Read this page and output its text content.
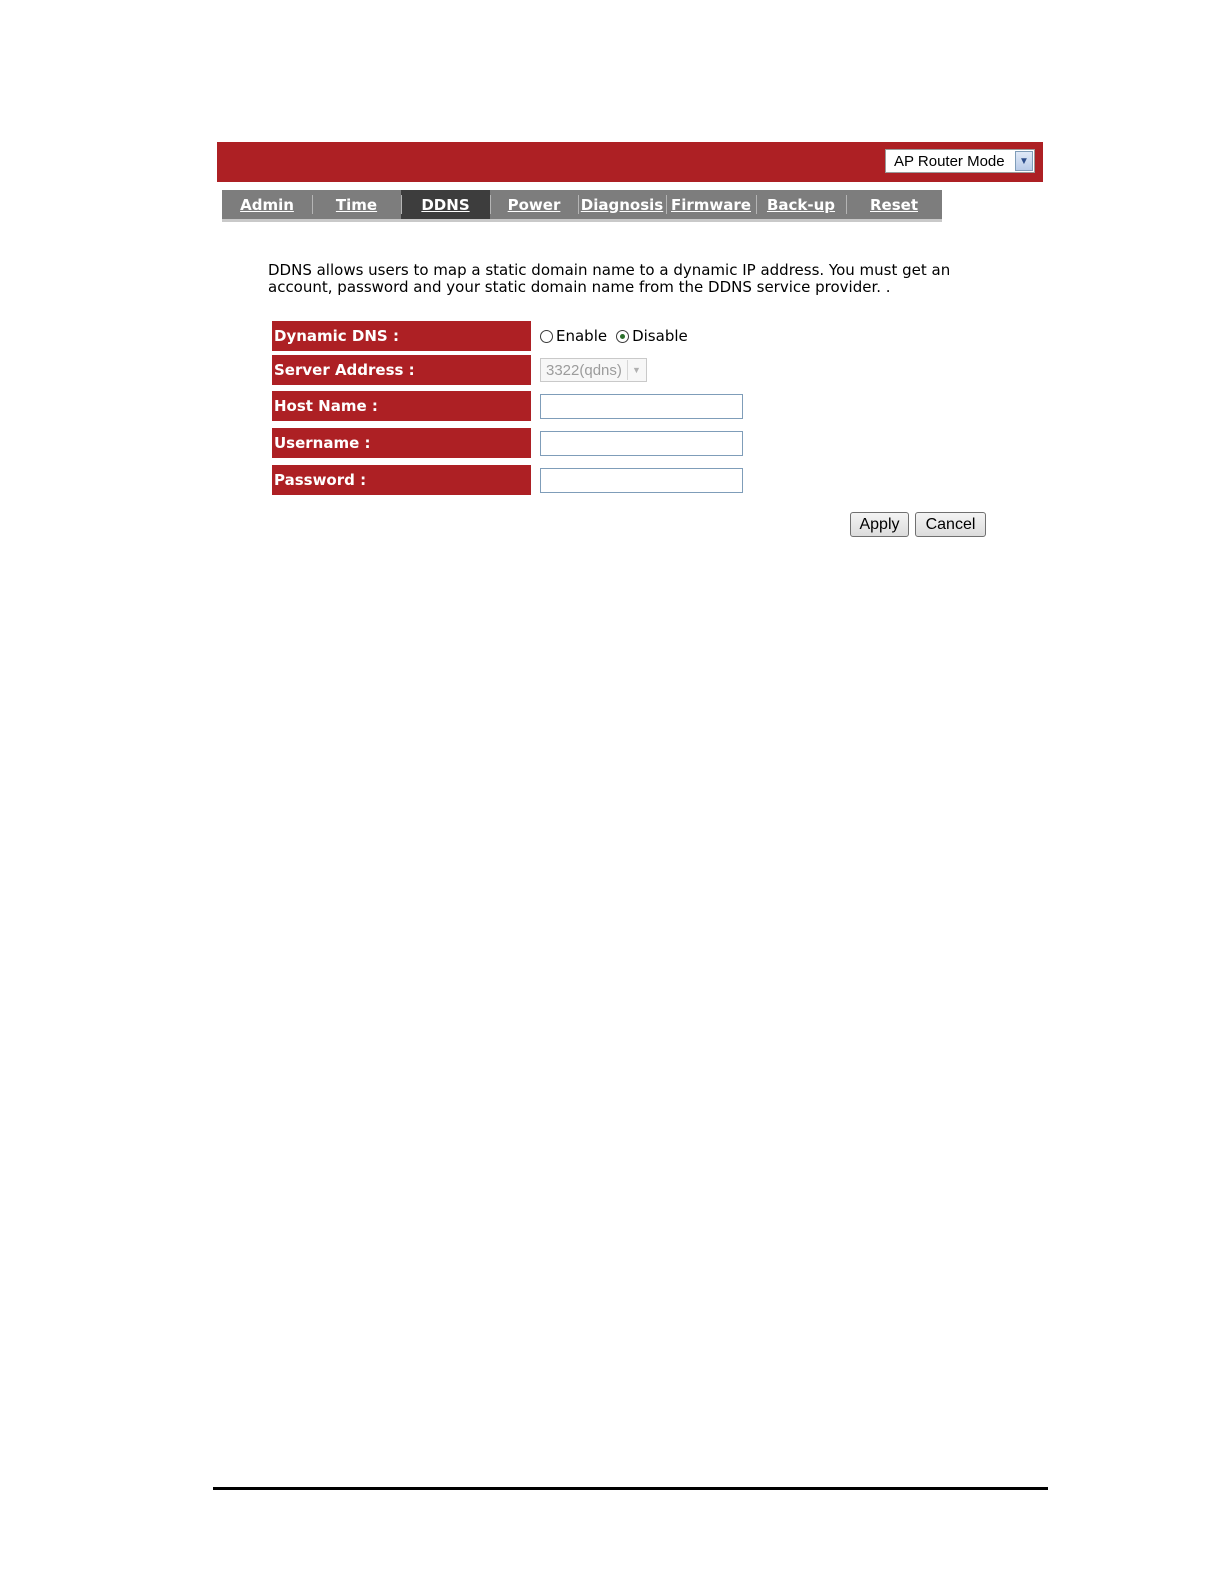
AP Router Mode	▼
Admin	Time	DDNS	Power Diagnosis Firmware Back-up Reset
DDNS allows users to map a static domain name to a dynamic IP address. You must get an account, password and your static domain name from the DDNS service provider. .
Dynamic DNS :	Enable Disable
Server Address :	3322(qdns)	▼
Host Name :
Username :
Password :
Apply	Cancel
